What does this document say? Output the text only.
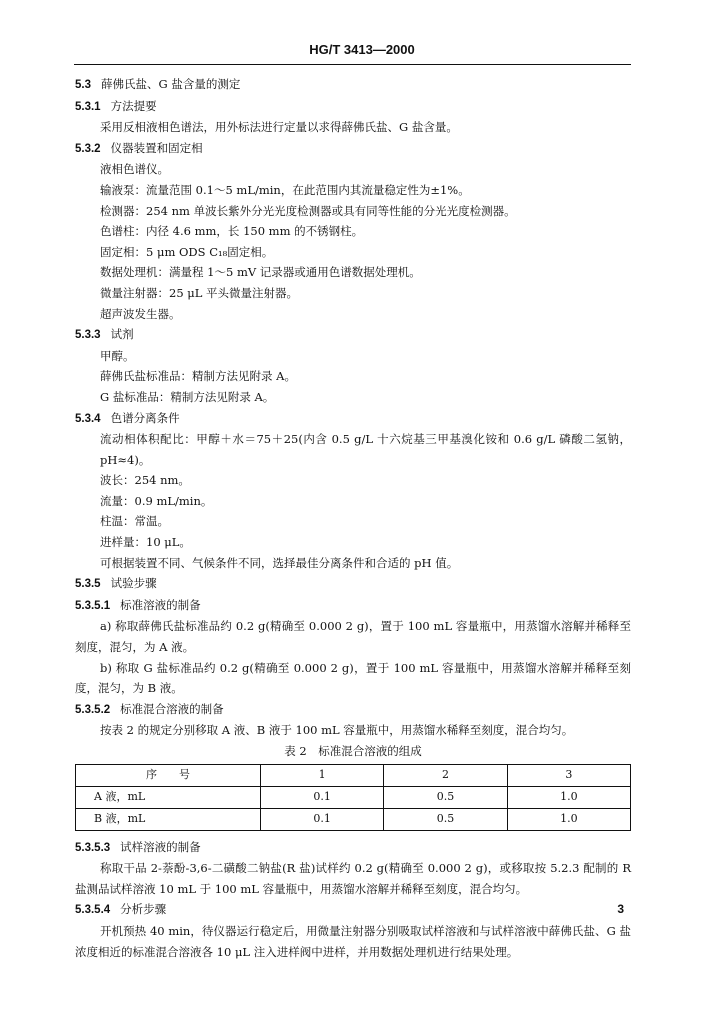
HG/T 3413—2000
5.3 薛佛氏盐、G 盐含量的测定
5.3.1 方法提要
采用反相液相色谱法，用外标法进行定量以求得薛佛氏盐、G 盐含量。
5.3.2 仪器装置和固定相
液相色谱仪。
输液泵：流量范围 0.1～5 mL/min，在此范围内其流量稳定性为±1%。
检测器：254 nm 单波长紫外分光光度检测器或具有同等性能的分光光度检测器。
色谱柱：内径 4.6 mm，长 150 mm 的不锈钢柱。
固定相：5 μm ODS C₁₈固定相。
数据处理机：满量程 1～5 mV 记录器或通用色谱数据处理机。
微量注射器：25 μL 平头微量注射器。
超声波发生器。
5.3.3 试剂
甲醇。
薛佛氏盐标准品：精制方法见附录 A。
G 盐标准品：精制方法见附录 A。
5.3.4 色谱分离条件
流动相体积配比：甲醇＋水＝75＋25(内含 0.5 g/L 十六烷基三甲基溴化铵和 0.6 g/L 磷酸二氢钠，pH≈4)。
波长：254 nm。
流量：0.9 mL/min。
柱温：常温。
进样量：10 μL。
可根据装置不同、气候条件不同，选择最佳分离条件和合适的 pH 值。
5.3.5 试验步骤
5.3.5.1 标准溶液的制备
a) 称取薛佛氏盐标准品约 0.2 g(精确至 0.000 2 g)，置于 100 mL 容量瓶中，用蒸馏水溶解并稀释至刻度，混匀，为 A 液。
b) 称取 G 盐标准品约 0.2 g(精确至 0.000 2 g)，置于 100 mL 容量瓶中，用蒸馏水溶解并稀释至刻度，混匀，为 B 液。
5.3.5.2 标准混合溶液的制备
按表 2 的规定分别移取 A 液、B 液于 100 mL 容量瓶中，用蒸馏水稀释至刻度，混合均匀。
表 2　标准混合溶液的组成
序　　号	1	2	3
A 液，mL	0.1	0.5	1.0
B 液，mL	0.1	0.5	1.0
5.3.5.3 试样溶液的制备
称取干品 2-萘酚-3,6-二磺酸二钠盐(R 盐)试样约 0.2 g(精确至 0.000 2 g)，或移取按 5.2.3 配制的 R 盐测品试样溶液 10 mL 于 100 mL 容量瓶中，用蒸馏水溶解并稀释至刻度，混合均匀。
5.3.5.4 分析步骤
开机预热 40 min，待仪器运行稳定后，用微量注射器分别吸取试样溶液和与试样溶液中薛佛氏盐、G 盐浓度相近的标准混合溶液各 10 μL 注入进样阀中进样，并用数据处理机进行结果处理。
3
